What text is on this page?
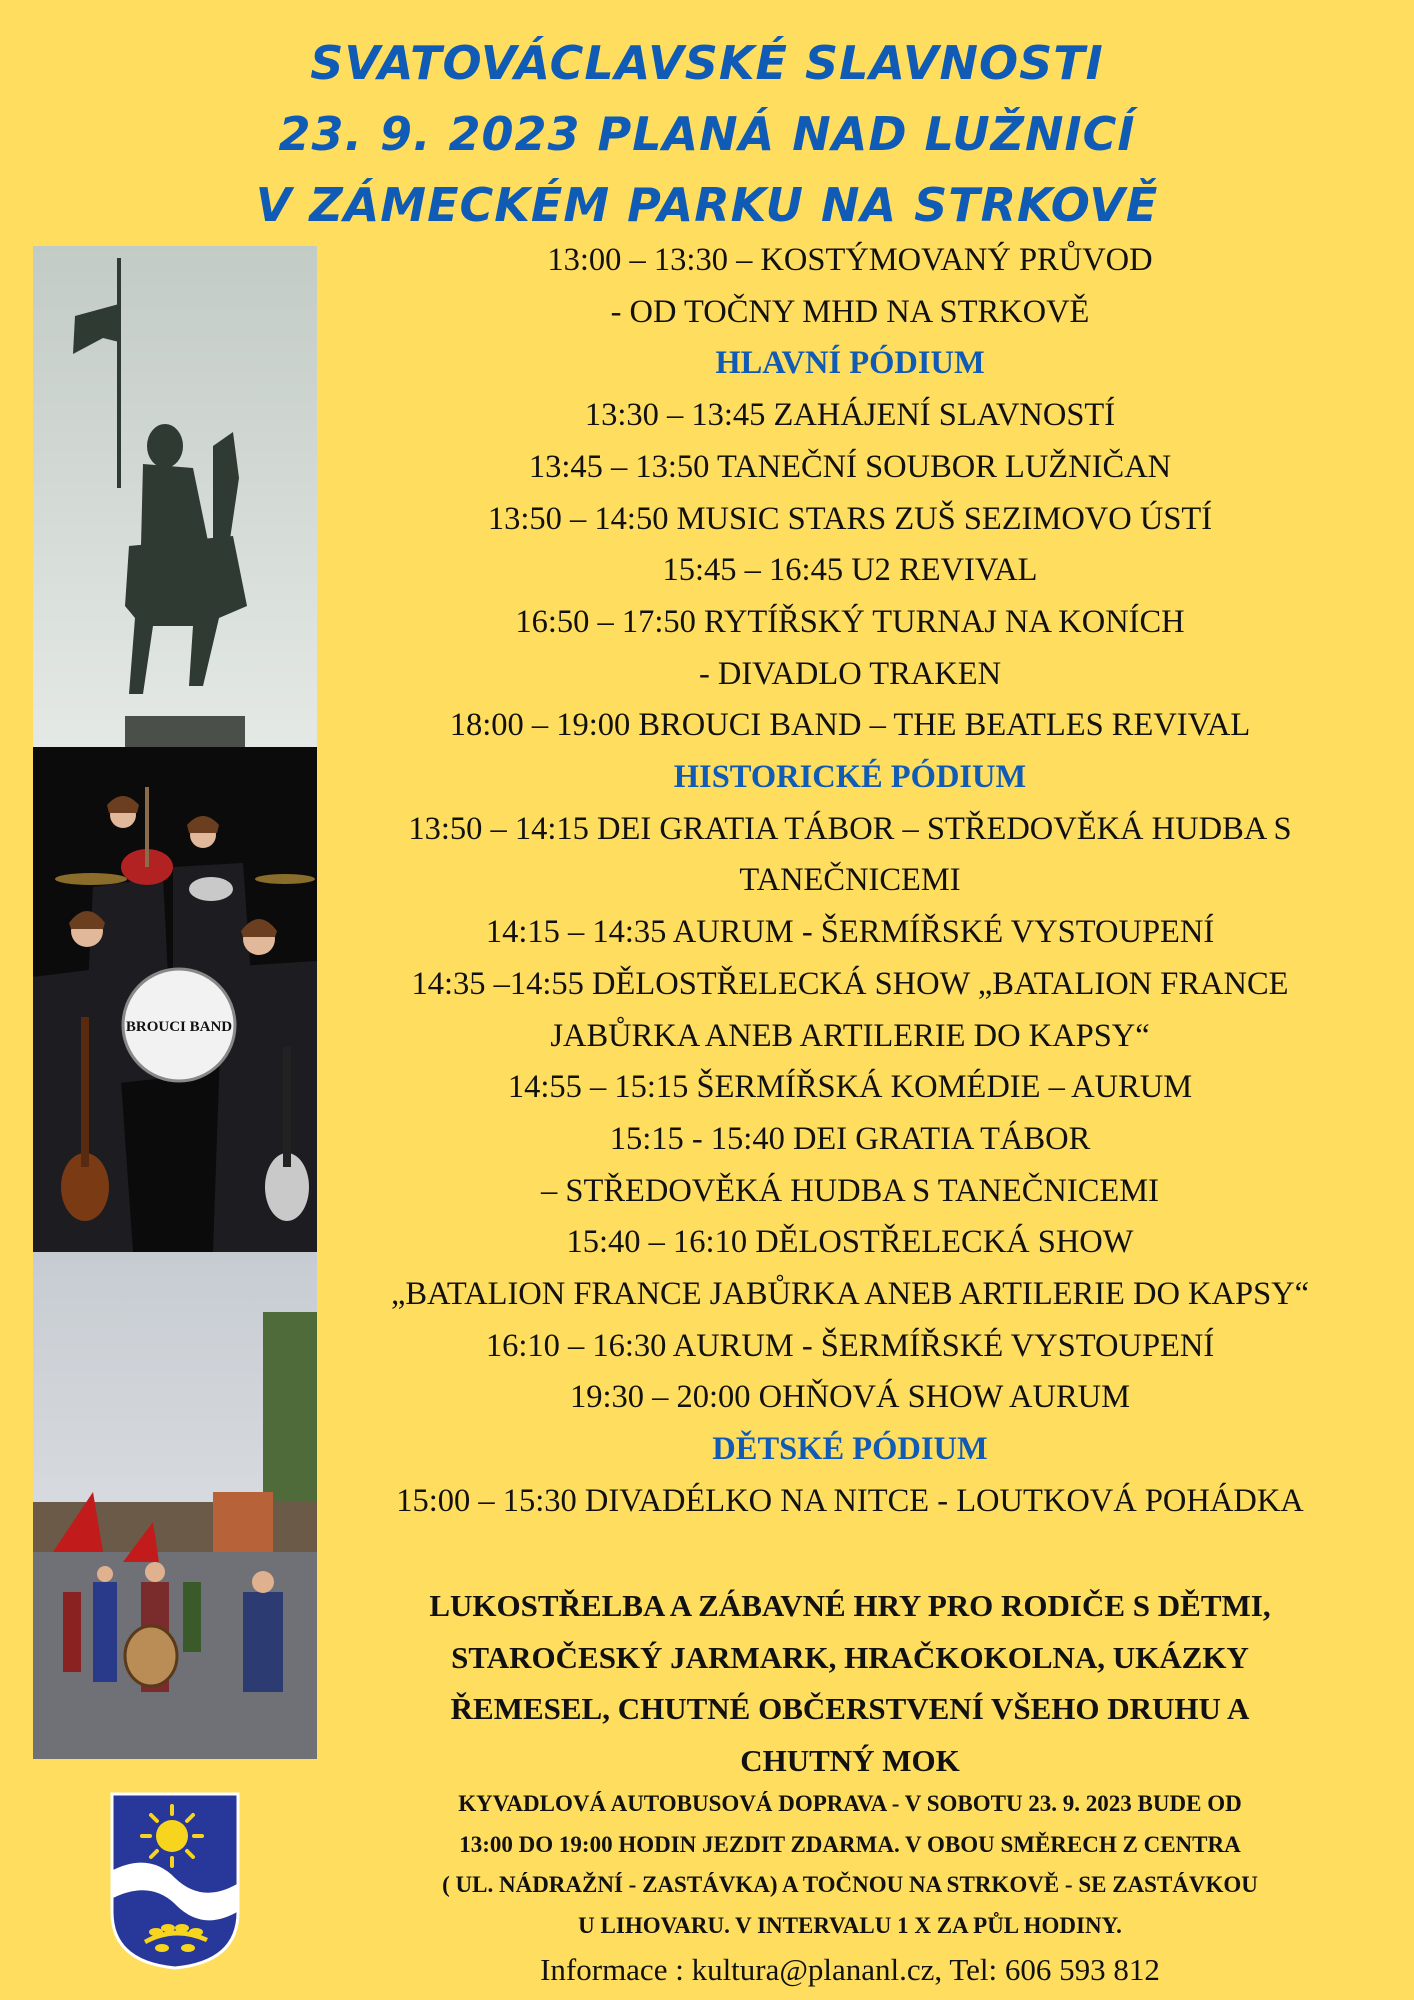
SVATOVÁCLAVSKÉ SLAVNOSTI
23. 9. 2023 PLANÁ NAD LUŽNICÍ
V ZÁMECKÉM PARKU NA STRKOVĚ
BROUCI BAND
13:00 – 13:30 – KOSTÝMOVANÝ PRŮVOD
- OD TOČNY MHD NA STRKOVĚ
HLAVNÍ PÓDIUM
13:30 – 13:45 ZAHÁJENÍ SLAVNOSTÍ
13:45 – 13:50 TANEČNÍ SOUBOR LUŽNIČAN
13:50 – 14:50 MUSIC STARS ZUŠ SEZIMOVO ÚSTÍ
15:45 – 16:45 U2 REVIVAL
16:50 – 17:50 RYTÍŘSKÝ TURNAJ NA KONÍCH
- DIVADLO TRAKEN
18:00 – 19:00 BROUCI BAND – THE BEATLES REVIVAL
HISTORICKÉ PÓDIUM
13:50 – 14:15 DEI GRATIA TÁBOR – STŘEDOVĚKÁ HUDBA S
TANEČNICEMI
14:15 – 14:35 AURUM - ŠERMÍŘSKÉ VYSTOUPENÍ
14:35 –14:55 DĚLOSTŘELECKÁ SHOW „BATALION FRANCE
JABŮRKA ANEB ARTILERIE DO KAPSY“
14:55 – 15:15 ŠERMÍŘSKÁ KOMÉDIE – AURUM
15:15 - 15:40 DEI GRATIA TÁBOR
– STŘEDOVĚKÁ HUDBA S TANEČNICEMI
15:40 – 16:10 DĚLOSTŘELECKÁ SHOW
„BATALION FRANCE JABŮRKA ANEB ARTILERIE DO KAPSY“
16:10 – 16:30 AURUM - ŠERMÍŘSKÉ VYSTOUPENÍ
19:30 – 20:00 OHŇOVÁ SHOW AURUM
DĚTSKÉ PÓDIUM
15:00 – 15:30 DIVADÉLKO NA NITCE - LOUTKOVÁ POHÁDKA
LUKOSTŘELBA A ZÁBAVNÉ HRY PRO RODIČE S DĚTMI,
STAROČESKÝ JARMARK, HRAČKOKOLNA, UKÁZKY
ŘEMESEL, CHUTNÉ OBČERSTVENÍ VŠEHO DRUHU A
CHUTNÝ MOK
KYVADLOVÁ AUTOBUSOVÁ DOPRAVA - V SOBOTU 23. 9. 2023 BUDE OD
13:00 DO 19:00 HODIN JEZDIT ZDARMA. V OBOU SMĚRECH Z CENTRA
( UL. NÁDRAŽNÍ - ZASTÁVKA) A TOČNOU NA STRKOVĚ - SE ZASTÁVKOU
U LIHOVARU. V INTERVALU 1 X ZA PŮL HODINY.
Informace : kultura@plananl.cz, Tel: 606 593 812
